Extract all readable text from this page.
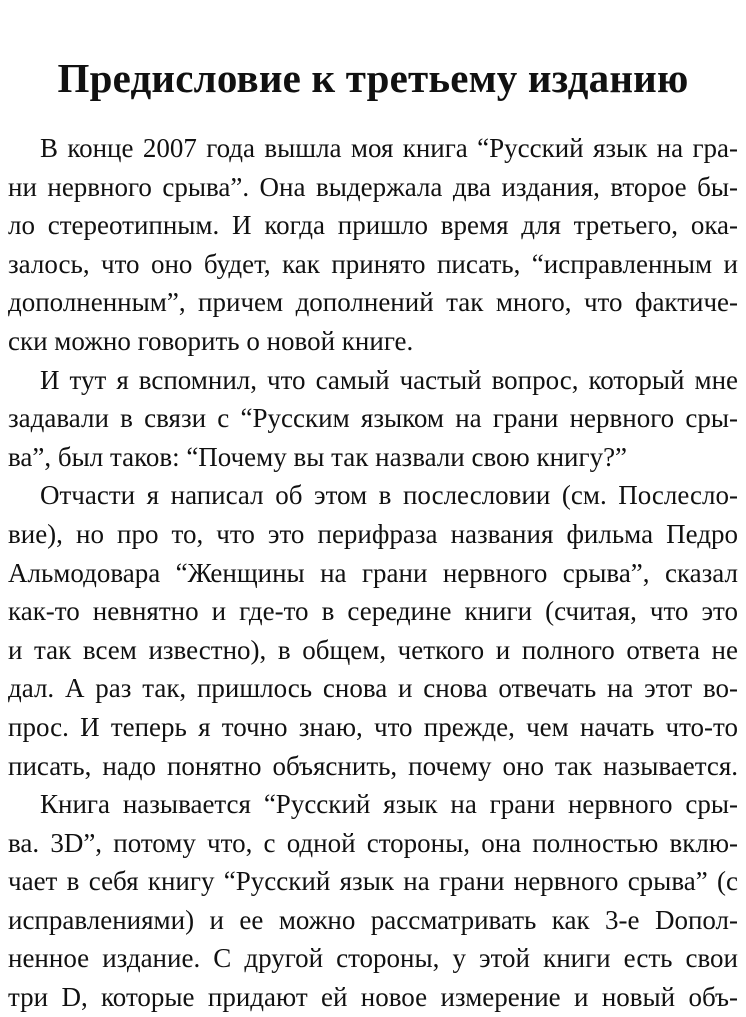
Предисловие к третьему изданию
В конце 2007 года вышла моя книга “Русский язык на гра-
ни нервного срыва”. Она выдержала два издания, второе бы-
ло стереотипным. И когда пришло время для третьего, ока-
залось, что оно будет, как принято писать, “исправленным и
дополненным”, причем дополнений так много, что фактиче-
ски можно говорить о новой книге.
И тут я вспомнил, что самый частый вопрос, который мне
задавали в связи с “Русским языком на грани нервного сры-
ва”, был таков: “Почему вы так назвали свою книгу?”
Отчасти я написал об этом в послесловии (см. Послесло-
вие), но про то, что это перифраза названия фильма Педро
Альмодовара “Женщины на грани нервного срыва”, сказал
как-то невнятно и где-то в середине книги (считая, что это
и так всем известно), в общем, четкого и полного ответа не
дал. А раз так, пришлось снова и снова отвечать на этот во-
прос. И теперь я точно знаю, что прежде, чем начать что-то
писать, надо понятно объяснить, почему оно так называется.
Книга называется “Русский язык на грани нервного сры-
ва. 3D”, потому что, с одной стороны, она полностью вклю-
чает в себя книгу “Русский язык на грани нервного срыва” (с
исправлениями) и ее можно рассматривать как 3-е Dопол-
ненное издание. С другой стороны, у этой книги есть свои
три D, которые придают ей новое измерение и новый объ-
